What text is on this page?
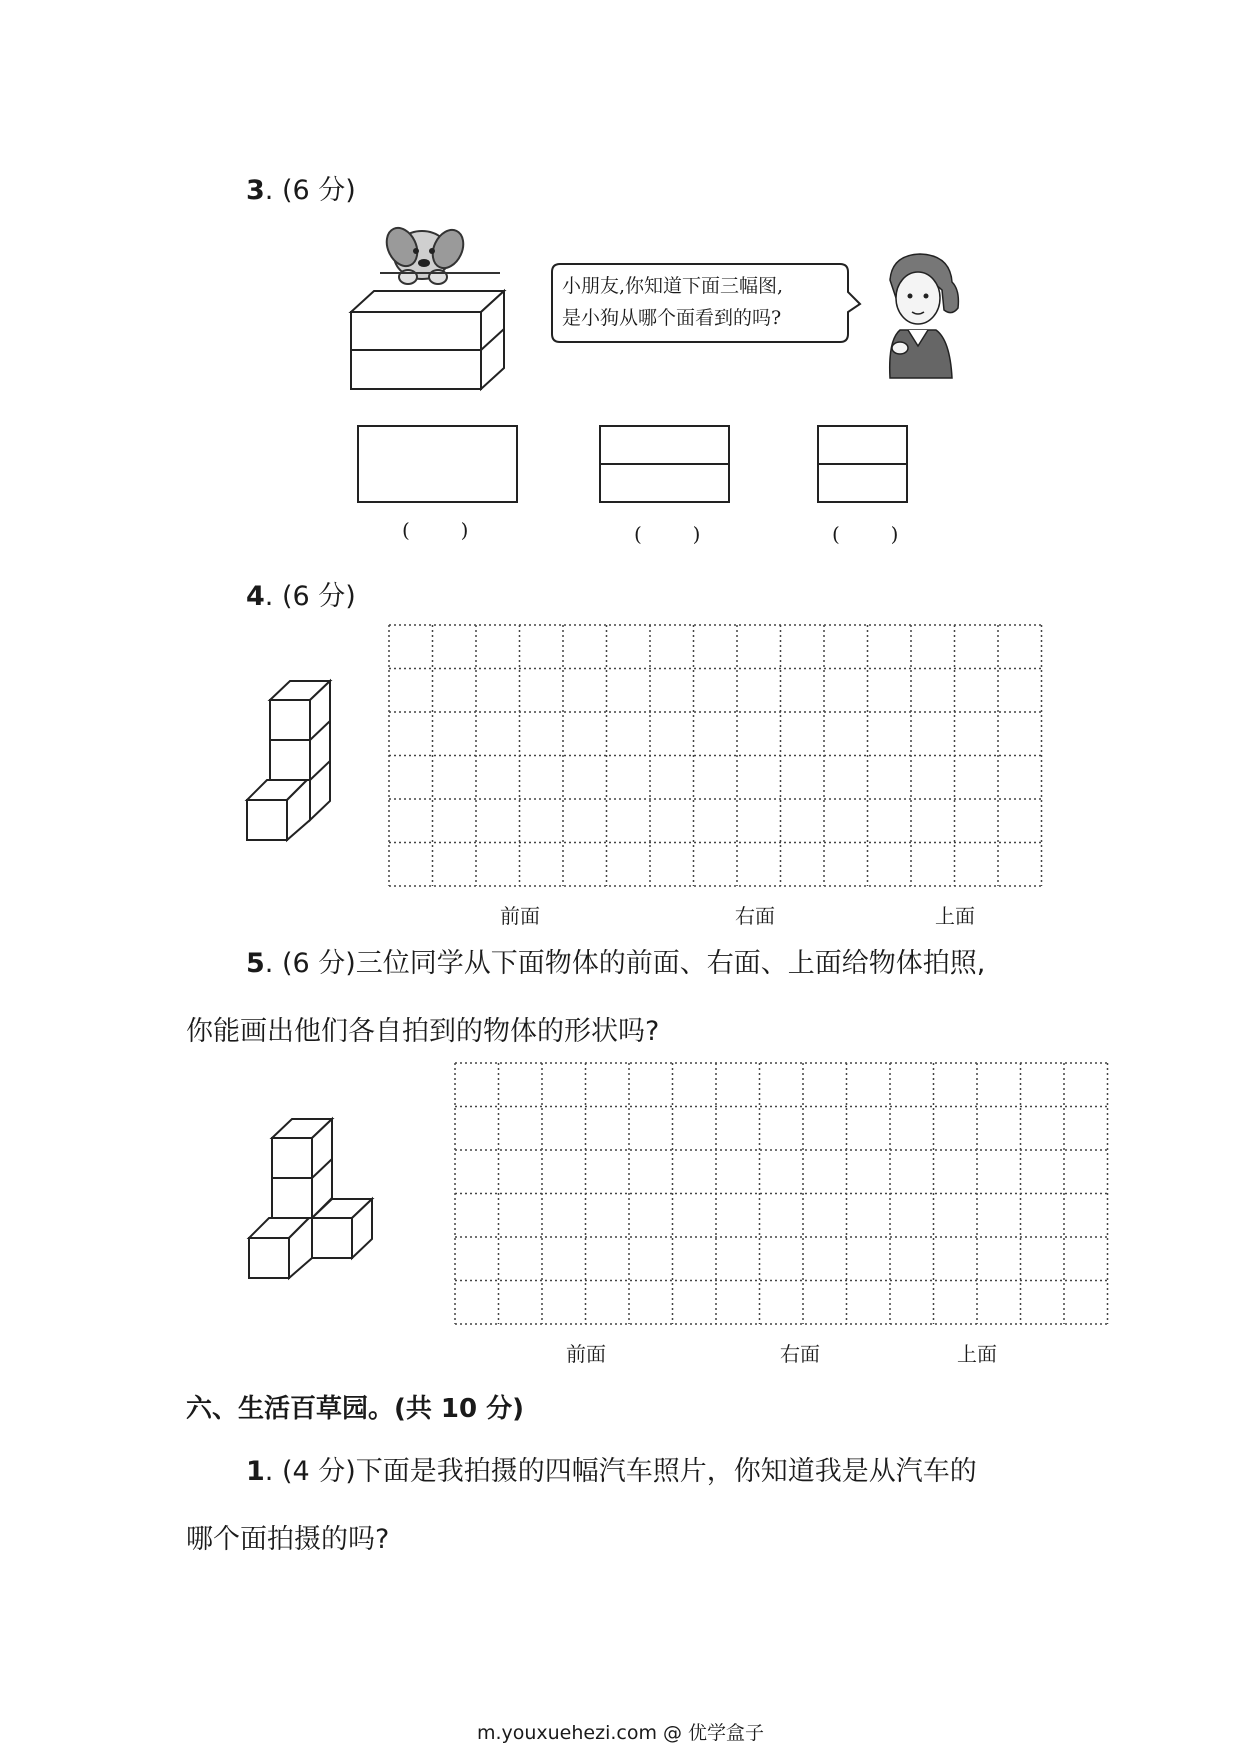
3. (6 分)
小朋友,你知道下面三幅图,
是小狗从哪个面看到的吗?
(        )	(        )	(        )
4. (6 分)
前面	右面	上面
5. (6 分)三位同学从下面物体的前面、右面、上面给物体拍照,
你能画出他们各自拍到的物体的形状吗?
前面	右面	上面
六、生活百草园。(共 10 分)
1. (4 分)下面是我拍摄的四幅汽车照片，你知道我是从汽车的
哪个面拍摄的吗?
m.youxuehezi.com @ 优学盒子
